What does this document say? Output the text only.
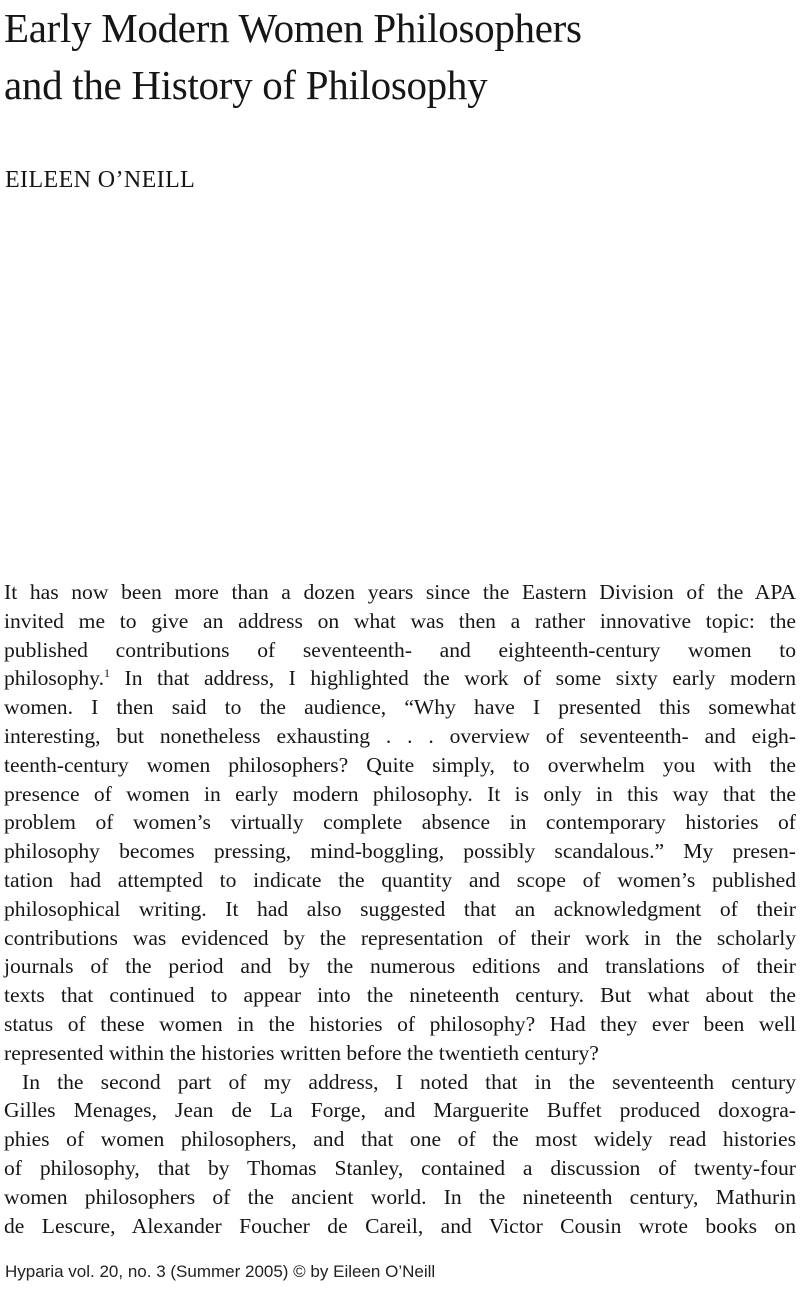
Early Modern Women Philosophers
and the History of Philosophy

EILEEN O’NEILL

It has now been more than a dozen years since the Eastern Division of the APA
invited me to give an address on what was then a rather innovative topic: the
published contributions of seventeenth- and eighteenth-century women to
philosophy.$^1$ In that address, I highlighted the work of some sixty early modern
women. I then said to the audience, “Why have I presented this somewhat
interesting, but nonetheless exhausting . . . overview of seventeenth- and eigh-
teenth-century women philosophers? Quite simply, to overwhelm you with the
presence of women in early modern philosophy. It is only in this way that the
problem of women’s virtually complete absence in contemporary histories of
philosophy becomes pressing, mind-boggling, possibly scandalous.” My presen-
tation had attempted to indicate the quantity and scope of women’s published
philosophical writing. It had also suggested that an acknowledgment of their
contributions was evidenced by the representation of their work in the scholarly
journals of the period and by the numerous editions and translations of their
texts that continued to appear into the nineteenth century. But what about the
status of these women in the histories of philosophy? Had they ever been well
represented within the histories written before the twentieth century?
In the second part of my address, I noted that in the seventeenth century
Gilles Menages, Jean de La Forge, and Marguerite Buffet produced doxogra-
phies of women philosophers, and that one of the most widely read histories
of philosophy, that by Thomas Stanley, contained a discussion of twenty-four
women philosophers of the ancient world. In the nineteenth century, Mathurin
de Lescure, Alexander Foucher de Careil, and Victor Cousin wrote books on

Hyparia vol. 20, no. 3 (Summer 2005) © by Eileen O’Neill
